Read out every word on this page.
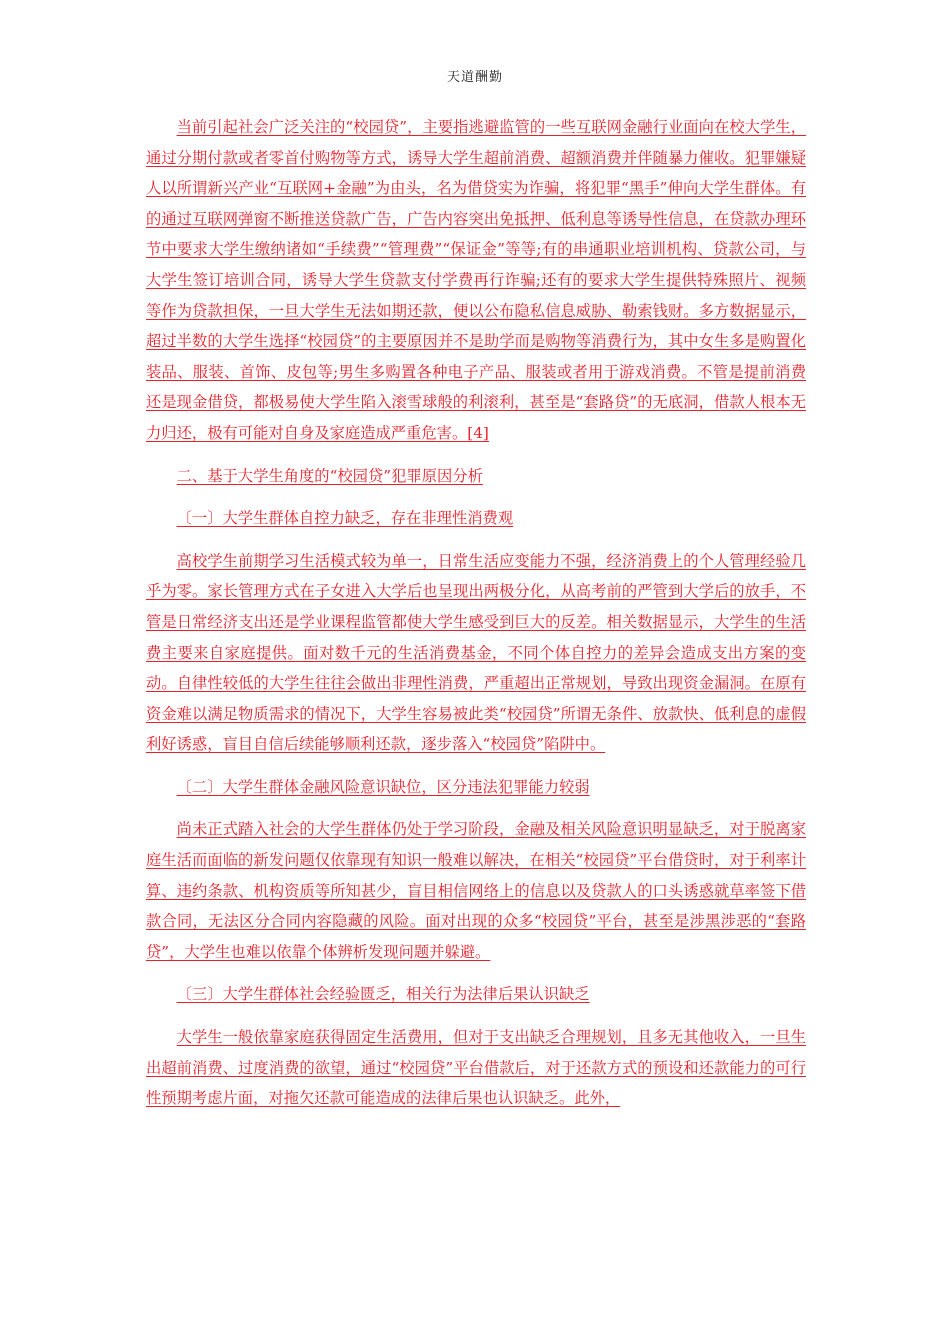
天道酬勤

当前引起社会广泛关注的“校园贷”，主要指逃避监管的一些互联网金融行业面向在校大学生，通过分期付款或者零首付购物等方式，诱导大学生超前消费、超额消费并伴随暴力催收。犯罪嫌疑人以所谓新兴产业“互联网+金融”为由头，名为借贷实为诈骗，将犯罪“黑手”伸向大学生群体。有的通过互联网弹窗不断推送贷款广告，广告内容突出免抵押、低利息等诱导性信息，在贷款办理环节中要求大学生缴纳诸如“手续费”“管理费”“保证金”等等;有的串通职业培训机构、贷款公司，与大学生签订培训合同，诱导大学生贷款支付学费再行诈骗;还有的要求大学生提供特殊照片、视频等作为贷款担保，一旦大学生无法如期还款，便以公布隐私信息威胁、勒索钱财。多方数据显示，超过半数的大学生选择“校园贷”的主要原因并不是助学而是购物等消费行为，其中女生多是购置化装品、服装、首饰、皮包等;男生多购置各种电子产品、服装或者用于游戏消费。不管是提前消费还是现金借贷，都极易使大学生陷入滚雪球般的利滚利，甚至是“套路贷”的无底洞，借款人根本无力归还，极有可能对自身及家庭造成严重危害。[4]

二、基于大学生角度的“校园贷”犯罪原因分析

〔一〕大学生群体自控力缺乏，存在非理性消费观

高校学生前期学习生活模式较为单一，日常生活应变能力不强，经济消费上的个人管理经验几乎为零。家长管理方式在子女进入大学后也呈现出两极分化，从高考前的严管到大学后的放手，不管是日常经济支出还是学业课程监管都使大学生感受到巨大的反差。相关数据显示，大学生的生活费主要来自家庭提供。面对数千元的生活消费基金，不同个体自控力的差异会造成支出方案的变动。自律性较低的大学生往往会做出非理性消费，严重超出正常规划，导致出现资金漏洞。在原有资金难以满足物质需求的情况下，大学生容易被此类“校园贷”所谓无条件、放款快、低利息的虚假利好诱惑，盲目自信后续能够顺利还款，逐步落入“校园贷”陷阱中。

〔二〕大学生群体金融风险意识缺位，区分违法犯罪能力较弱

尚未正式踏入社会的大学生群体仍处于学习阶段，金融及相关风险意识明显缺乏，对于脱离家庭生活而面临的新发问题仅依靠现有知识一般难以解决，在相关“校园贷”平台借贷时，对于利率计算、违约条款、机构资质等所知甚少，盲目相信网络上的信息以及贷款人的口头诱惑就草率签下借款合同，无法区分合同内容隐藏的风险。面对出现的众多“校园贷”平台，甚至是涉黑涉恶的“套路贷”，大学生也难以依靠个体辨析发现问题并躲避。

〔三〕大学生群体社会经验匮乏，相关行为法律后果认识缺乏

大学生一般依靠家庭获得固定生活费用，但对于支出缺乏合理规划，且多无其他收入，一旦生出超前消费、过度消费的欲望，通过“校园贷”平台借款后，对于还款方式的预设和还款能力的可行性预期考虑片面，对拖欠还款可能造成的法律后果也认识缺乏。此外，
